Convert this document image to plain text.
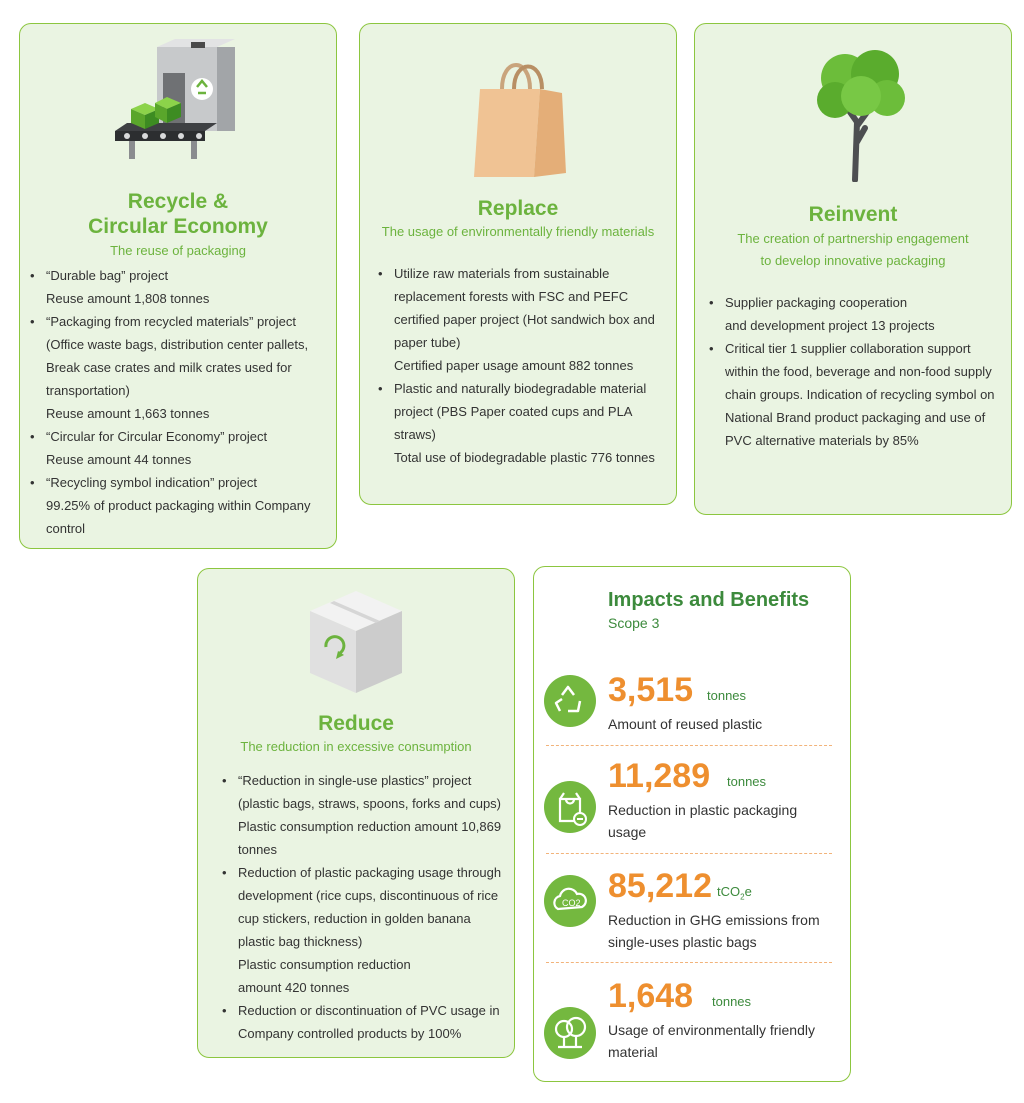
Recycle &
Circular Economy
The reuse of packaging
• “Durable bag” project
Reuse amount 1,808 tonnes
• “Packaging from recycled materials” project (Office waste bags, distribution center pallets, Break case crates and milk crates used for transportation)
Reuse amount 1,663 tonnes
• “Circular for Circular Economy” project
Reuse amount 44 tonnes
• “Recycling symbol indication” project
99.25% of product packaging within Company control
Replace
The usage of environmentally friendly materials
• Utilize raw materials from sustainable replacement forests with FSC and PEFC certified paper project (Hot sandwich box and paper tube)
Certified paper usage amount 882 tonnes
• Plastic and naturally biodegradable material project (PBS Paper coated cups and PLA straws)
Total use of biodegradable plastic 776 tonnes
Reinvent
The creation of partnership engagement
to develop innovative packaging
• Supplier packaging cooperation
and development project 13 projects
• Critical tier 1 supplier collaboration support within the food, beverage and non-food supply chain groups. Indication of recycling symbol on National Brand product packaging and use of PVC alternative materials by 85%
Reduce
The reduction in excessive consumption
• “Reduction in single-use plastics” project (plastic bags, straws, spoons, forks and cups)
Plastic consumption reduction amount 10,869 tonnes
• Reduction of plastic packaging usage through development (rice cups, discontinuous of rice cup stickers, reduction in golden banana plastic bag thickness)
Plastic consumption reduction
amount 420 tonnes
• Reduction or discontinuation of PVC usage in Company controlled products by 100%
Impacts and Benefits
Scope 3
3,515 tonnes
Amount of reused plastic
11,289 tonnes
Reduction in plastic packaging usage
CO2 85,212 tCO$_2$e
Reduction in GHG emissions from single-uses plastic bags
1,648 tonnes
Usage of environmentally friendly material
